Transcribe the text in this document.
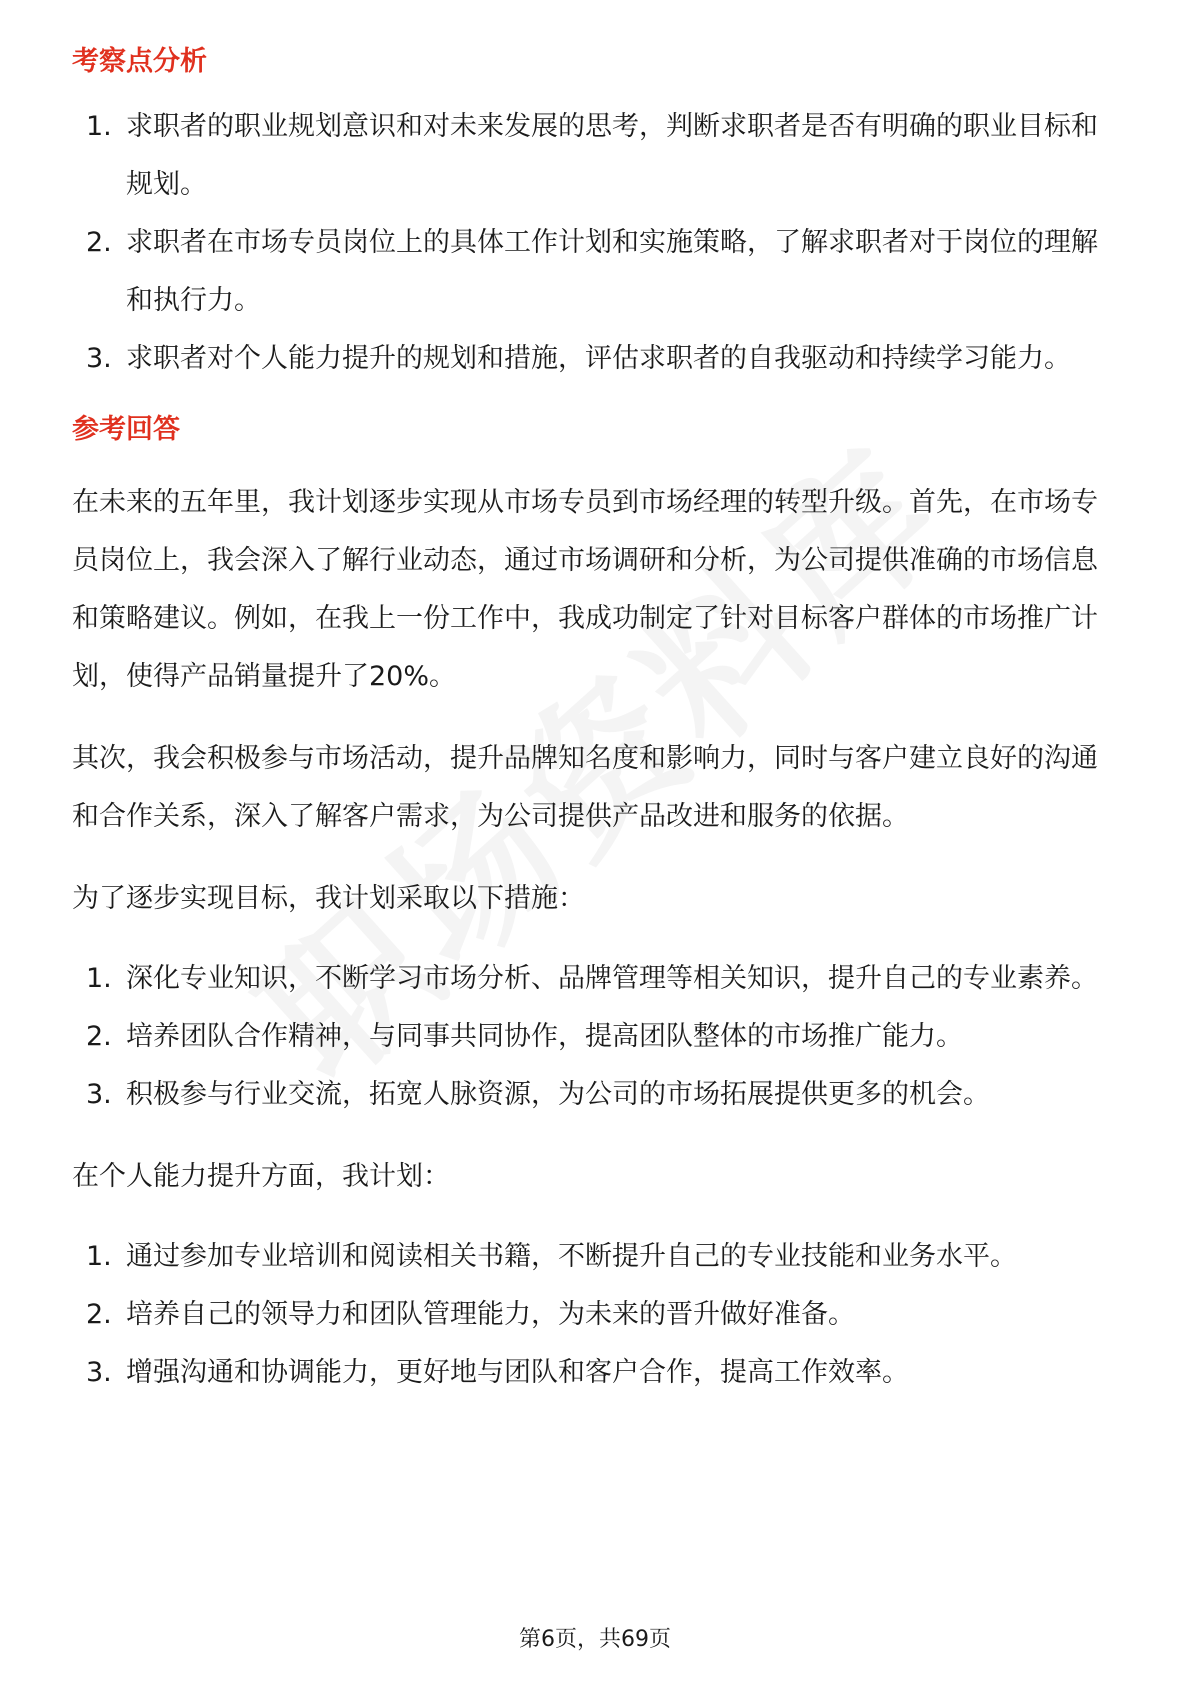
考察点分析
1. 求职者的职业规划意识和对未来发展的思考，判断求职者是否有明确的职业目标和规划。
2. 求职者在市场专员岗位上的具体工作计划和实施策略，了解求职者对于岗位的理解和执行力。
3. 求职者对个人能力提升的规划和措施，评估求职者的自我驱动和持续学习能力。
参考回答

在未来的五年里，我计划逐步实现从市场专员到市场经理的转型升级。首先，在市场专员岗位上，我会深入了解行业动态，通过市场调研和分析，为公司提供准确的市场信息和策略建议。例如，在我上一份工作中，我成功制定了针对目标客户群体的市场推广计划，使得产品销量提升了20%。

其次，我会积极参与市场活动，提升品牌知名度和影响力，同时与客户建立良好的沟通和合作关系，深入了解客户需求，为公司提供产品改进和服务的依据。

为了逐步实现目标，我计划采取以下措施：

1. 深化专业知识，不断学习市场分析、品牌管理等相关知识，提升自己的专业素养。
2. 培养团队合作精神，与同事共同协作，提高团队整体的市场推广能力。
3. 积极参与行业交流，拓宽人脉资源，为公司的市场拓展提供更多的机会。

在个人能力提升方面，我计划：

1. 通过参加专业培训和阅读相关书籍，不断提升自己的专业技能和业务水平。
2. 培养自己的领导力和团队管理能力，为未来的晋升做好准备。
3. 增强沟通和协调能力，更好地与团队和客户合作，提高工作效率。
第6页，共69页
